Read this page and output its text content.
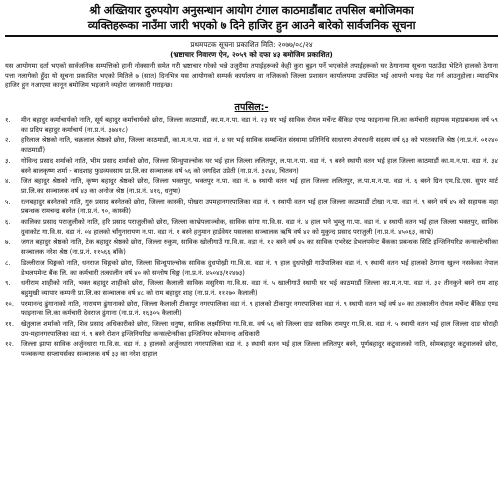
श्री अख्तियार दुरुपयोग अनुसन्धान आयोग टंगाल काठमाडौंबाट तपसिल बमोजिमका
व्यक्तिहरूका नाउँमा जारी भएको ७ दिने हाजिर हुन आउने बारेको सार्वजनिक सूचना
प्रथमपटक सूचना प्रकाशित मिति: २०७७/०८/२४
(भ्रष्टाचार निवारण ऐन, २०५९ को दफा ४३ बमोजिम प्रकाशित)
यस आयोगमा दर्ता भएको सार्वजनिक सम्पत्तिको हानी नोक्सानी समेत गरी भ्रष्टाचार गरेको भन्ने उजुरीमा तपाईहरूको केही कुरा बुझ्न पर्ने भएकोले तपाईहरूको घर ठेगानामा सूचना पठाउँदा भेटिने हालको ठेगाना पत्ता नलागेको हुँदा यो सूचना प्रकाशित भएको मितिले ७ (सात) दिनभित्र यस आयोगको सम्पर्क कार्यालय वा नजिकको जिल्ला प्रशासन कार्यालयमा उपस्थित भई आफ्नो भनाइ पेश गर्न आउनुहोला। म्यादभित्र हाजिर हुन नआएमा कानून बमोजिम भइजाने व्यहोरा जानकारी गराइन्छ।
तपसिल:-
१.	मीन बहादुर कर्माचार्यको नाति, सूर्य बहादुर कर्माचार्यको छोरा, जिल्ला काठमाडौं, का.म.न.पा. वडा नं. २३ घर भई साविक रोयल मर्चेन्ट बैंकिङ एण्ड फाइनान्स लि.का कर्मचारी सहायक महाप्रबन्धक वर्ष ५९ का प्रदिप बहादुर कर्माचार्य (ना.प्र.नं. ३७४१८)
२.	हरिलाल श्रेष्ठको नाति, चक्रलाल श्रेष्ठको छोरा, जिल्ला काठमाडौं, का.म.न.पा. वडा नं. ४ घर भई साविक सम्बन्धित संस्थामा प्रतिनिधि साधारण शेयरधनी सदस्य वर्ष ६३ को भरतकाजि श्रेष्ठ (ना.प्र.नं. ०१२४० काठमाडौं)
३.	गोविन्द प्रसाद शर्माको नाति, भीम प्रसाद शर्माको छोरा, जिल्ला सिन्धुपाल्चोक घर भई हाल जिल्ला ललितपुर, ल.पा.न.पा. वडा नं. ९ बस्ने स्थायी वतन भई हाल जिल्ला काठमाडौं का.म.न.पा. वडा नं. ३४ बस्ने बालकृष्ण शर्मा - बादशाह फुडव्यवसाय प्रा.लि.का सञ्चालक वर्ष ५६ को जगदिश उप्रेती (ना.प्र.नं. ३२४४, चितवन)
४.	जित बहादुर श्रेष्ठको नाति, कृष्ण बहादुर श्रेष्ठको छोरा, जिल्ला भक्तपुर, भक्तपुर न.पा. वडा नं. ७ स्थायी वतन भई हाल जिल्ला ललितपुर, ल.पा.म.न.पा. वडा नं. ६ बस्ने ग्रिन एम.डि.एस. सुपर मार्ट प्रा.लि.का सञ्चालक वर्ष ४३ का अनोज श्रेष्ठ (ना.प्र.नं. ४१६, धनुषा)
५.	रत्नबहादुर बस्नेतको नाति, गुरु प्रसाद बस्नेतको छोरा, जिल्ला कास्की, पोखरा उपमहानगरपालिका वडा नं. ९ स्थायी वतन भई हाल जिल्ला काठमाडौं टोखा न.पा. वडा नं. ९ बस्ने वर्ष ४५ को सहायक महा प्रबन्धक रामचन्द्र बस्नेत (ना.प्र.नं. ९०, कास्की)
६.	कालिका प्रसाद पराजुलीको नाति, हरि प्रसाद पराजुलीको छोरा, जिल्ला काभ्रेपलाञ्चोक, साविक सांगा गा.वि.स. वडा नं. ४ हाल भने भुम्लु गा.पा. वडा नं. ४ स्थायी वतन भई हाल जिल्ला भक्तपुर, साविक दुवाकोट गा.वि.स. वडा नं. ०४ हालको चाँगुनारायण न.पा. वडा नं. १ बस्ने हनुमान हार्डवेयर पसलका सञ्चालक ऋषि वर्ष ४२ को मुकुन्द प्रसाद पराजुली (ना.प्र.नं. ४५०६३, काभ्रे)
७.	जगत बहादुर श्रेष्ठको नाति, टेक बहादुर श्रेष्ठको छोरा, जिल्ला रुकुम, साविक खोलीगाउँ गा.वि.स. वडा नं. १२ बस्ने वर्ष ४५ का साविक एभरेस्ट डेभलपमेन्ट बैंकका प्रबन्धक सिटि इन्जिनियरिङ कन्सल्टेन्सीका सञ्चालक नरेश श्रेष्ठ (ना.प्र.नं. ११५६६ बाँके)
८.	डिल्लीराज थिङ्गको नाति, धनराज थिङ्गको छोरा, जिल्ला सिन्धुपाल्चोक साविक दुधपोख्री गा.वि.स. वडा नं. ९ हाल दुधपोख्री गाउँपालिका वडा नं. ९ स्थायी वतन भई हालको ठेगाना खुल्न नसकेका नेपाल डेभलपमेन्ट बैंक लि. का कर्मचारी तत्कालीन वर्ष ४० को सन्तोष थिङ्ग (ना.प्र.नं. ४५०४३/१२४७३)
९.	धनीराम शाहीको नाति, भक्त बहादुर शाहीको छोरा, जिल्ला कैलाली साविक मसुरिया गा.वि.स. वडा नं. ५ खालीगाउँ स्थायी घर भई काठमाडौं जिल्ला का.म.न.पा. वडा नं. ३२ तीनकुने बस्ने राम शाह बहुमुखी व्यापार कम्पनी प्रा.लि.का सञ्चालक वर्ष ४८ को राम बहादुर शाह (ना.प्र.नं. ११२७० कैलाली)
१०.	परमानन्द ढुंगानाको नाति, नारायण ढुंगानाको छोरा, जिल्ला कैलाली टीकापुर नगरपालिका वडा नं. ९ हालको टीकापुर नगरपालिका वडा नं. ९ स्थायी वतन भई वर्ष ४० का तत्कालीन रोयल मर्चेन्ट बैंकिङ एण्ड फाइनान्स लि.का कर्मचारी देवराज ढुंगाना (ना.प्र.नं. १६३०५ कैलाली)
११.	खेतुलाल शर्माको नाति, शिव प्रसाद अधिकारीको छोरा, जिल्ला धनुषा, साविक लक्ष्मीनिया गा.वि.स. वर्ष ५६ को जिल्ला दाङ साविक रामपुर गा.वि.स. वडा नं. ५ स्थायी वतन भई हाल जिल्ला दाङ घोराही उप-महानगरपालिका वडा नं. ९ बस्ने रोशन इन्जिनियरिङ कन्सल्टेन्सीका इन्जिनियर कोमानन्द अधिकारी
१२.	जिल्ला झापा साविक अर्जुनधारा गा.वि.स. वडा नं. ३ हालको अर्जुनधारा नगरपालिका वडा नं. ३ स्थायी वतन भई हाल जिल्ला ललितपुर बस्ने, पूर्णबहादुर कटुवालको नाति, सोमबहादुर कटुवालको छोरा, पञ्चकन्या सप्लायर्सका सञ्चालक वर्ष ३३ का नरेश दाहाल
